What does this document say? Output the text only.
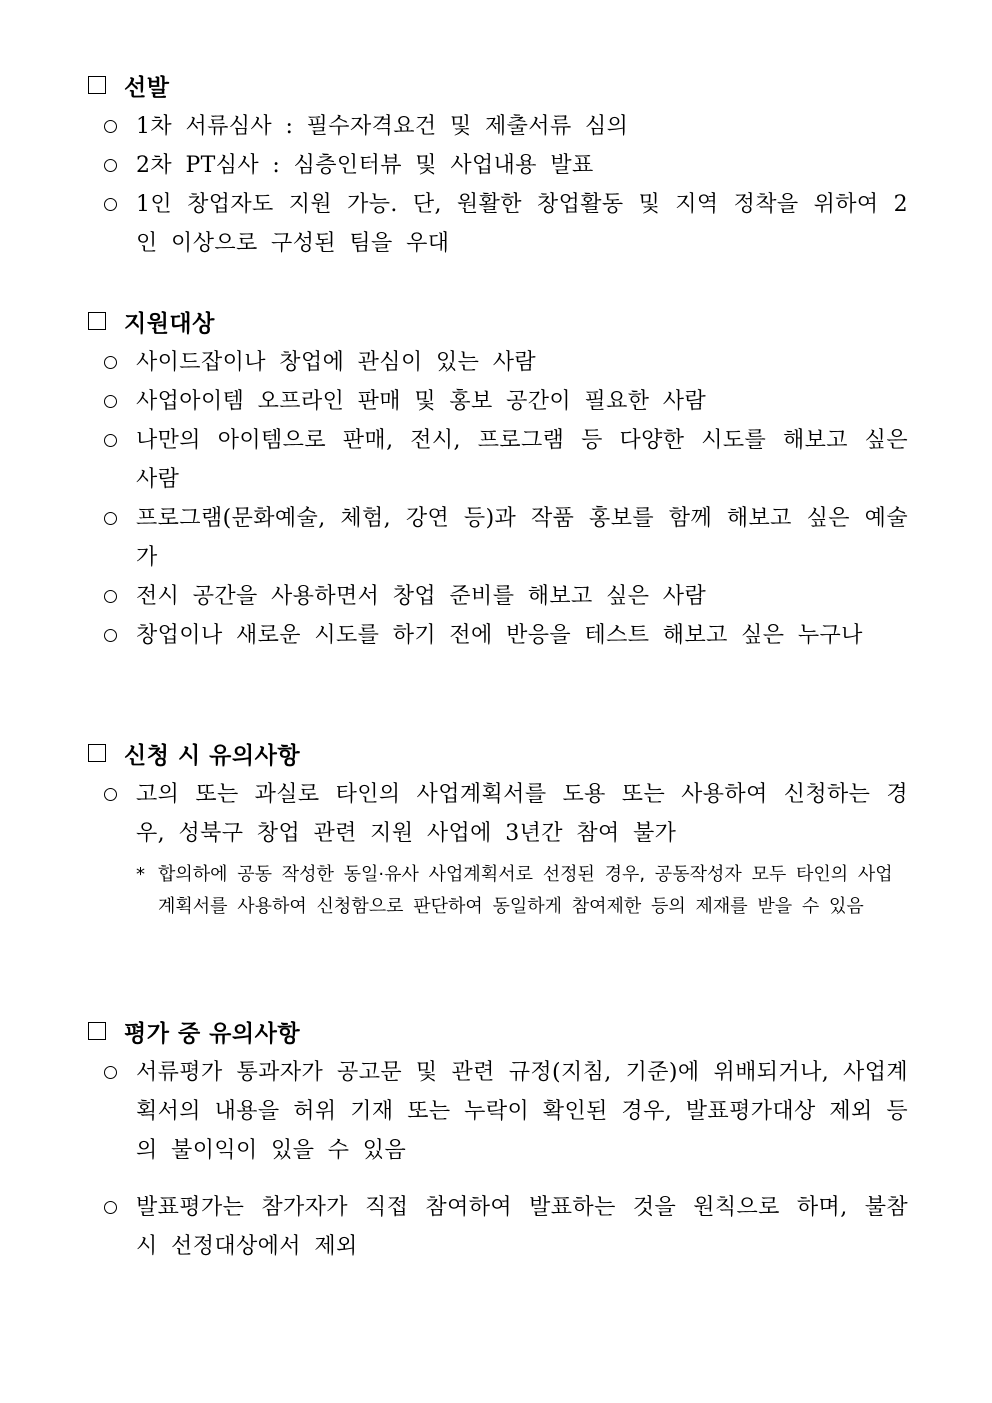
선발
1차 서류심사 : 필수자격요건 및 제출서류 심의
2차 PT심사 : 심층인터뷰 및 사업내용 발표
1인 창업자도 지원 가능. 단, 원활한 창업활동 및 지역 정착을 위하여 2인 이상으로 구성된 팀을 우대
지원대상
사이드잡이나 창업에 관심이 있는 사람
사업아이템 오프라인 판매 및 홍보 공간이 필요한 사람
나만의 아이템으로 판매, 전시, 프로그램 등 다양한 시도를 해보고 싶은 사람
프로그램(문화예술, 체험, 강연 등)과 작품 홍보를 함께 해보고 싶은 예술가
전시 공간을 사용하면서 창업 준비를 해보고 싶은 사람
창업이나 새로운 시도를 하기 전에 반응을 테스트 해보고 싶은 누구나
신청 시 유의사항
고의 또는 과실로 타인의 사업계획서를 도용 또는 사용하여 신청하는 경우, 성북구 창업 관련 지원 사업에 3년간 참여 불가
* 합의하에 공동 작성한 동일·유사 사업계획서로 선정된 경우, 공동작성자 모두 타인의 사업계획서를 사용하여 신청함으로 판단하여 동일하게 참여제한 등의 제재를 받을 수 있음
평가 중 유의사항
서류평가 통과자가 공고문 및 관련 규정(지침, 기준)에 위배되거나, 사업계획서의 내용을 허위 기재 또는 누락이 확인된 경우, 발표평가대상 제외 등의 불이익이 있을 수 있음
발표평가는 참가자가 직접 참여하여 발표하는 것을 원칙으로 하며, 불참 시 선정대상에서 제외
